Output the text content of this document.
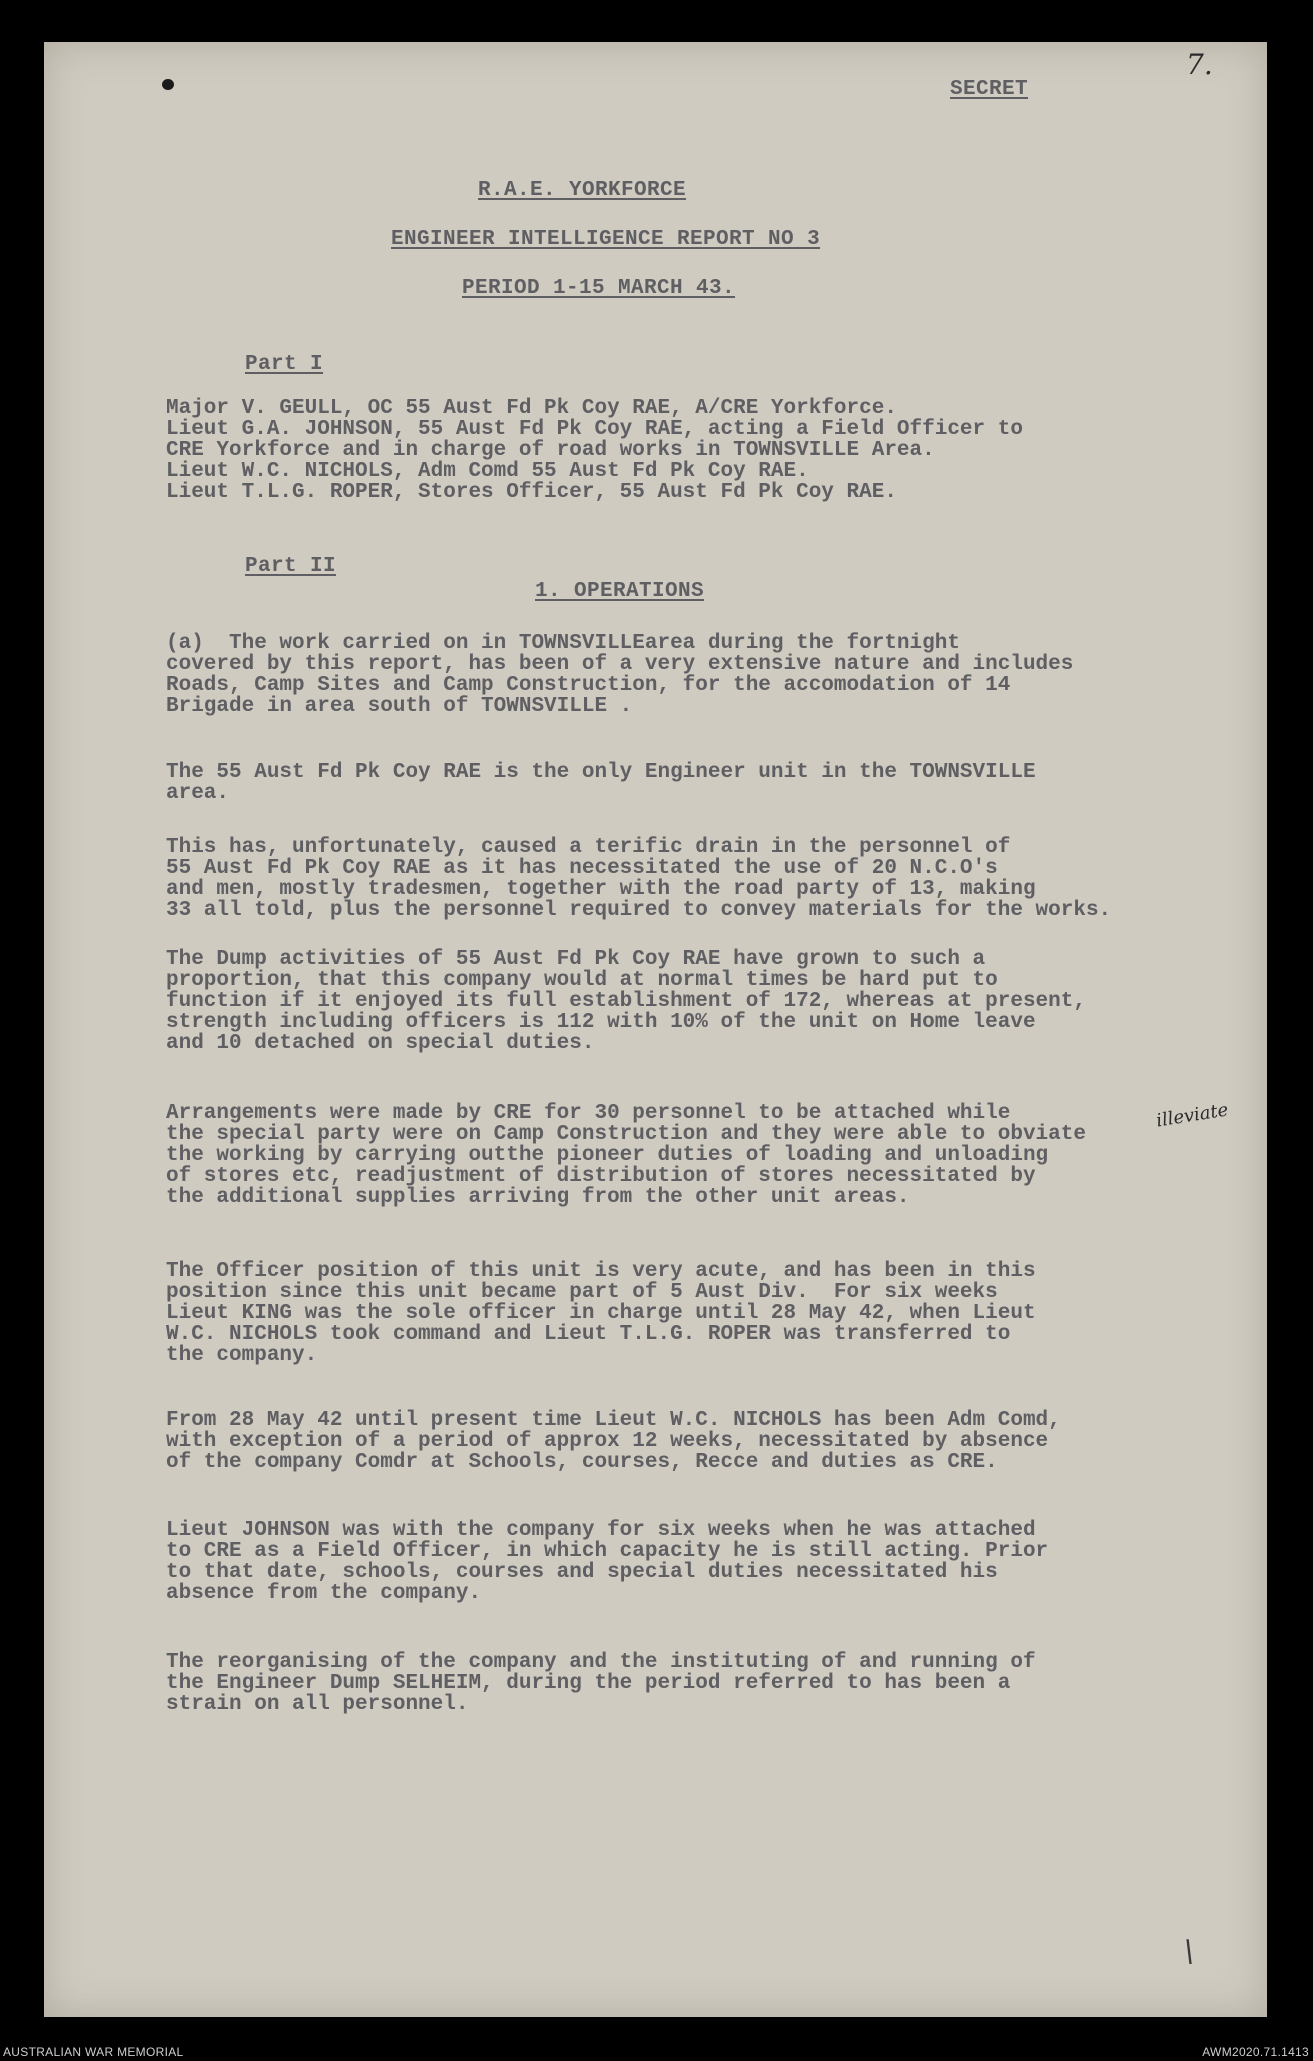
7.
SECRET
R.A.E. YORKFORCE
ENGINEER INTELLIGENCE REPORT NO 3
PERIOD 1-15 MARCH 43.
Part I
Major V. GEULL, OC 55 Aust Fd Pk Coy RAE, A/CRE Yorkforce.
Lieut G.A. JOHNSON, 55 Aust Fd Pk Coy RAE, acting a Field Officer to
CRE Yorkforce and in charge of road works in TOWNSVILLE Area.
Lieut W.C. NICHOLS, Adm Comd 55 Aust Fd Pk Coy RAE.
Lieut T.L.G. ROPER, Stores Officer, 55 Aust Fd Pk Coy RAE.
Part II
1. OPERATIONS
(a)  The work carried on in TOWNSVILLEarea during the fortnight
covered by this report, has been of a very extensive nature and includes
Roads, Camp Sites and Camp Construction, for the accomodation of 14
Brigade in area south of TOWNSVILLE .
The 55 Aust Fd Pk Coy RAE is the only Engineer unit in the TOWNSVILLE
area.
This has, unfortunately, caused a terific drain in the personnel of
55 Aust Fd Pk Coy RAE as it has necessitated the use of 20 N.C.O's
and men, mostly tradesmen, together with the road party of 13, making
33 all told, plus the personnel required to convey materials for the works.
The Dump activities of 55 Aust Fd Pk Coy RAE have grown to such a
proportion, that this company would at normal times be hard put to
function if it enjoyed its full establishment of 172, whereas at present,
strength including officers is 112 with 10% of the unit on Home leave
and 10 detached on special duties.
Arrangements were made by CRE for 30 personnel to be attached while
the special party were on Camp Construction and they were able to obviate
the working by carrying outthe pioneer duties of loading and unloading
of stores etc, readjustment of distribution of stores necessitated by
the additional supplies arriving from the other unit areas.
illeviate
The Officer position of this unit is very acute, and has been in this
position since this unit became part of 5 Aust Div.  For six weeks
Lieut KING was the sole officer in charge until 28 May 42, when Lieut
W.C. NICHOLS took command and Lieut T.L.G. ROPER was transferred to
the company.
From 28 May 42 until present time Lieut W.C. NICHOLS has been Adm Comd,
with exception of a period of approx 12 weeks, necessitated by absence
of the company Comdr at Schools, courses, Recce and duties as CRE.
Lieut JOHNSON was with the company for six weeks when he was attached
to CRE as a Field Officer, in which capacity he is still acting. Prior
to that date, schools, courses and special duties necessitated his
absence from the company.
The reorganising of the company and the instituting of and running of
the Engineer Dump SELHEIM, during the period referred to has been a
strain on all personnel.
\
AUSTRALIAN WAR MEMORIAL	AWM2020.71.1413
